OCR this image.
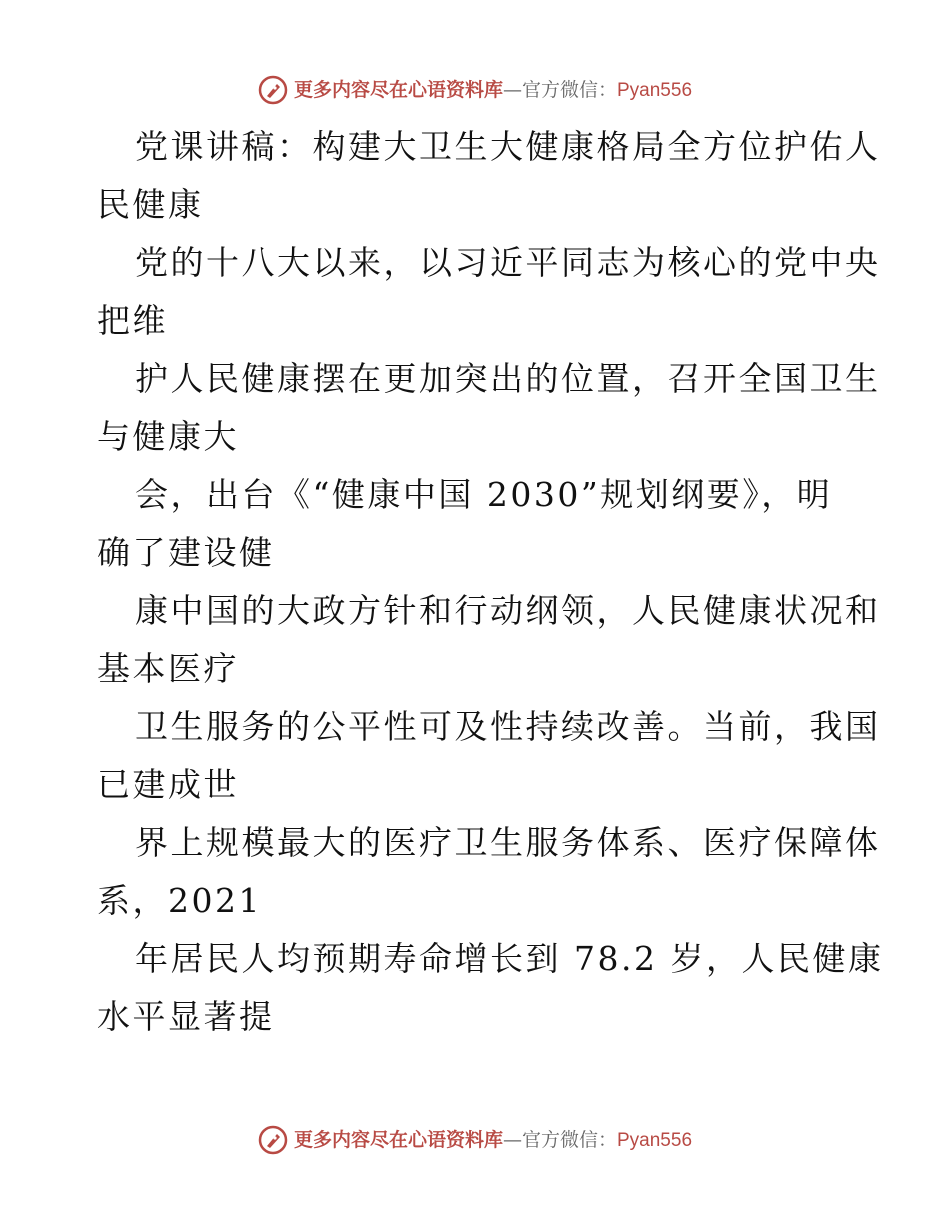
更多内容尽在心语资料库 — 官方微信： Pyan556
党课讲稿：构建大卫生大健康格局全方位护佑人
民健康
党的十八大以来，以习近平同志为核心的党中央
把维
护人民健康摆在更加突出的位置，召开全国卫生
与健康大
会，出台《“健康中国 2030”规划纲要》，明
确了建设健
康中国的大政方针和行动纲领，人民健康状况和
基本医疗
卫生服务的公平性可及性持续改善。当前，我国
已建成世
界上规模最大的医疗卫生服务体系、医疗保障体
系，2021
年居民人均预期寿命增长到 78.2 岁，人民健康
水平显著提
更多内容尽在心语资料库 — 官方微信： Pyan556
